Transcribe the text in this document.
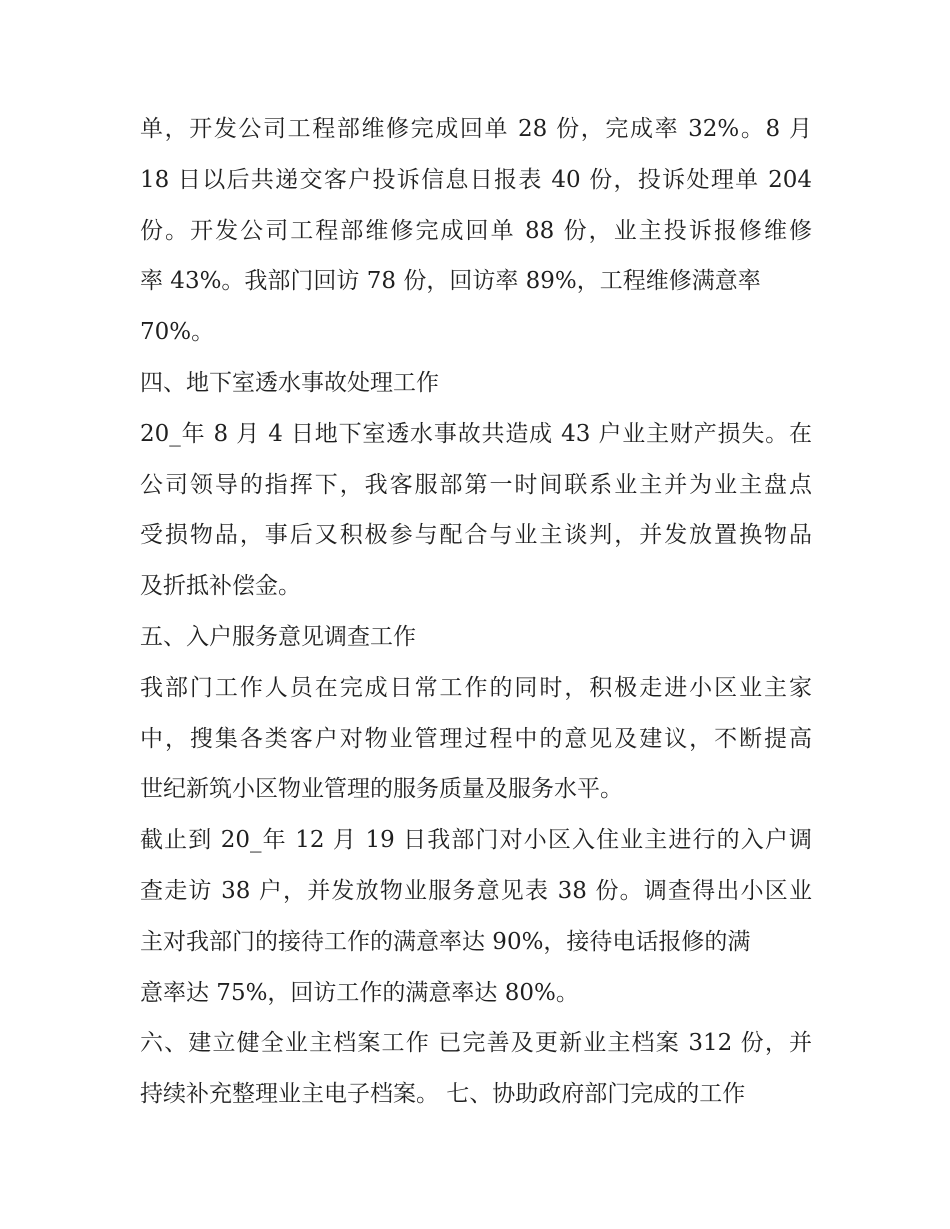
单，开发公司工程部维修完成回单 28 份，完成率 32%。8 月
18 日以后共递交客户投诉信息日报表 40 份，投诉处理单 204
份。开发公司工程部维修完成回单 88 份，业主投诉报修维修
率 43%。我部门回访 78 份，回访率 89%，工程维修满意率
70%。
四、地下室透水事故处理工作
20_年 8 月 4 日地下室透水事故共造成 43 户业主财产损失。在
公司领导的指挥下，我客服部第一时间联系业主并为业主盘点
受损物品，事后又积极参与配合与业主谈判，并发放置换物品
及折抵补偿金。
五、入户服务意见调查工作
我部门工作人员在完成日常工作的同时，积极走进小区业主家
中，搜集各类客户对物业管理过程中的意见及建议，不断提高
世纪新筑小区物业管理的服务质量及服务水平。
截止到 20_年 12 月 19 日我部门对小区入住业主进行的入户调
查走访 38 户，并发放物业服务意见表 38 份。调查得出小区业
主对我部门的接待工作的满意率达 90%，接待电话报修的满
意率达 75%，回访工作的满意率达 80%。
六、建立健全业主档案工作 已完善及更新业主档案 312 份，并
持续补充整理业主电子档案。 七、协助政府部门完成的工作
